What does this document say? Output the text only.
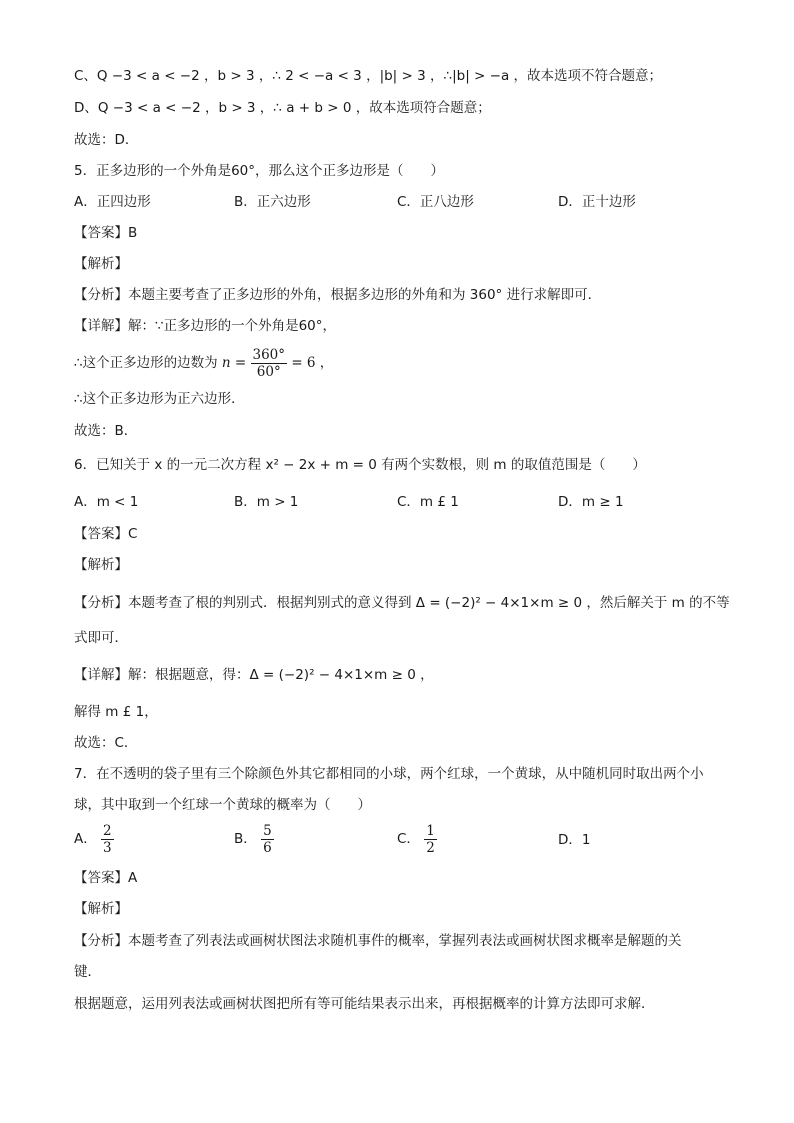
C、Q −3 < a < −2 ，b > 3 ，∴ 2 < −a < 3 ，|b| > 3 ，∴|b| > −a ，故本选项不符合题意；
D、Q −3 < a < −2 ，b > 3 ，∴ a + b > 0 ，故本选项符合题意；
故选：D．
5．正多边形的一个外角是60°，那么这个正多边形是（　　）
A．正四边形	B．正六边形	C．正八边形	D．正十边形
【答案】B
【解析】
【分析】本题主要考查了正多边形的外角，根据多边形的外角和为 360° 进行求解即可．
【详解】解：∵正多边形的一个外角是60°，
∴这个正多边形的边数为 $n = \frac{360^\circ}{60^\circ} = 6$ ，
∴这个正多边形为正六边形．
故选：B．
6．已知关于 x 的一元二次方程 x² − 2x + m = 0 有两个实数根，则 m 的取值范围是（　　）
A．m < 1	B．m > 1	C．m £ 1	D．m ≥ 1
【答案】C
【解析】
【分析】本题考查了根的判别式．根据判别式的意义得到 Δ = (−2)² − 4×1×m ≥ 0 ，然后解关于 m 的不等
式即可．
【详解】解：根据题意，得：Δ = (−2)² − 4×1×m ≥ 0 ，
解得 m £ 1，
故选：C．
7．在不透明的袋子里有三个除颜色外其它都相同的小球，两个红球，一个黄球，从中随机同时取出两个小
球，其中取到一个红球一个黄球的概率为（　　）
A． $\frac{2}{3}$	B． $\frac{5}{6}$	C． $\frac{1}{2}$	D．1
【答案】A
【解析】
【分析】本题考查了列表法或画树状图法求随机事件的概率，掌握列表法或画树状图求概率是解题的关
键．
根据题意，运用列表法或画树状图把所有等可能结果表示出来，再根据概率的计算方法即可求解．
